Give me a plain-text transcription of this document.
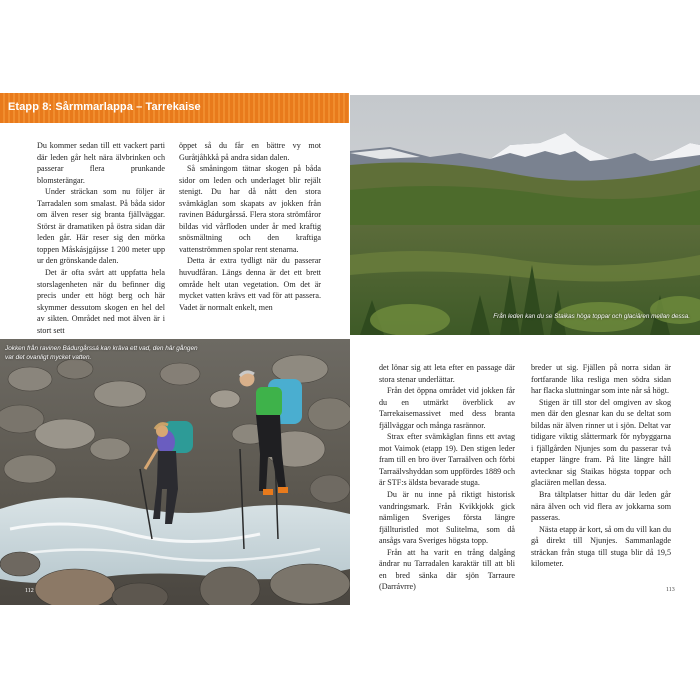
Etapp 8: Sårmmarlappa – Tarrekaise

Du kommer sedan till ett vackert parti där leden går helt nära älvbrinken och passerar flera prunkande blomsterängar.

Under sträckan som nu följer är Tarradalen som smalast. På båda sidor om älven reser sig branta fjällväggar. Störst är dramatiken på östra sidan där leden går. Här reser sig den mörka toppen Måskásjgájsse 1 200 meter upp ur den grönskande dalen.

Det är ofta svårt att uppfatta hela storslagenheten när du befinner dig precis under ett högt berg och här skymmer dessutom skogen en hel del av sikten. Området ned mot älven är i stort sett

öppet så du får en bättre vy mot Guråtjåhkkå på andra sidan dalen.

Så småningom tätnar skogen på båda sidor om leden och underlaget blir rejält stenigt. Du har då nått den stora svämkäglan som skapats av jokken från ravinen Bádurgårssá. Flera stora strömfåror bildas vid vårfloden under år med kraftig snösmältning och den kraftiga vattenströmmen spolar rent stenarna.

Detta är extra tydligt när du passerar huvudfåran. Längs denna är det ett brett område helt utan vegetation. Om det är mycket vatten krävs ett vad för att passera. Vadet är normalt enkelt, men

Jokken från ravinen Bádurgårssá kan kräva ett vad, den här gången var det ovanligt mycket vatten.
112
Från leden kan du se Staikas höga toppar och glaciären mellan dessa.

det lönar sig att leta efter en passage där stora stenar underlättar.

Från det öppna området vid jokken får du en utmärkt överblick av Tarrekaisemassivet med dess branta fjällväggar och många rasrännor.

Strax efter svämkäglan finns ett avtag mot Vaimok (etapp 19). Den stigen leder fram till en bro över Tarraälven och förbi Tarraälvshyddan som uppfördes 1889 och är STF:s äldsta bevarade stuga.

Du är nu inne på riktigt historisk vandringsmark. Från Kvikkjokk gick nämligen Sveriges första längre fjällturistled mot Sulitelma, som då ansågs vara Sveriges högsta topp.

Från att ha varit en trång dalgång ändrar nu Tarradalen karaktär till att bli en bred sänka där sjön Tarraure (Darrávrre)

breder ut sig. Fjällen på norra sidan är fortfarande lika resliga men södra sidan har flacka sluttningar som inte når så högt.

Stigen är till stor del omgiven av skog men där den glesnar kan du se deltat som bildas när älven rinner ut i sjön. Deltat var tidigare viktig slåttermark för nybyggarna i fjällgården Njunjes som du passerar två etapper längre fram. På lite längre håll avtecknar sig Staikas högsta toppar och glaciären mellan dessa.

Bra tältplatser hittar du där leden går nära älven och vid flera av jokkarna som passeras.

Nästa etapp är kort, så om du vill kan du gå direkt till Njunjes. Sammanlagde sträckan från stuga till stuga blir då 19,5 kilometer.

113
